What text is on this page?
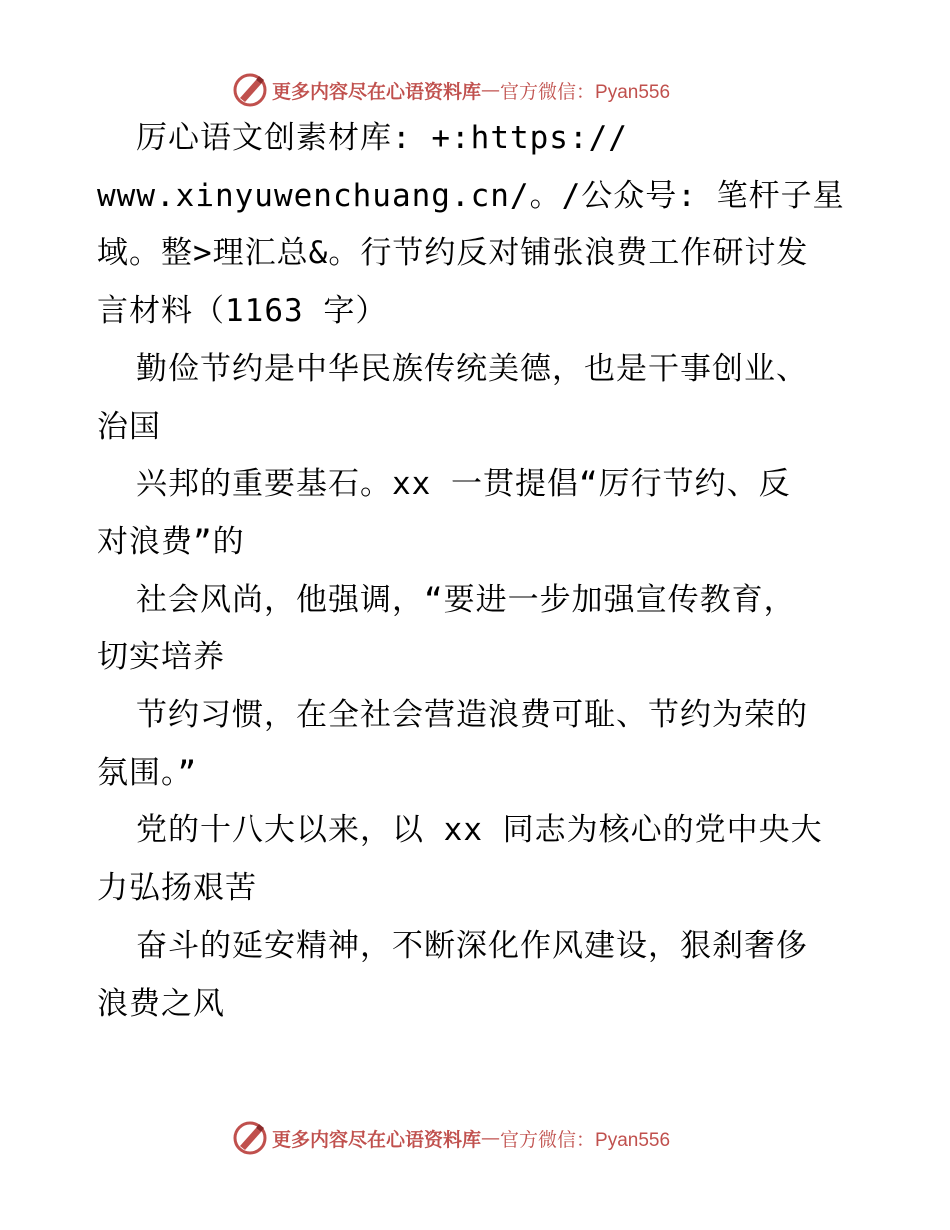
更多内容尽在心语资料库 — 官方微信：Pyan556
厉心语文创素材库: +:https://
www.xinyuwenchuang.cn/。/公众号: 笔杆子星
域。整>理汇总&。行节约反对铺张浪费工作研讨发
言材料（1163 字）
勤俭节约是中华民族传统美德，也是干事创业、
治国
兴邦的重要基石。xx 一贯提倡“厉行节约、反
对浪费”的
社会风尚，他强调，“要进一步加强宣传教育，
切实培养
节约习惯，在全社会营造浪费可耻、节约为荣的
氛围。”
党的十八大以来，以 xx 同志为核心的党中央大
力弘扬艰苦
奋斗的延安精神，不断深化作风建设，狠刹奢侈
浪费之风
更多内容尽在心语资料库 — 官方微信：Pyan556
